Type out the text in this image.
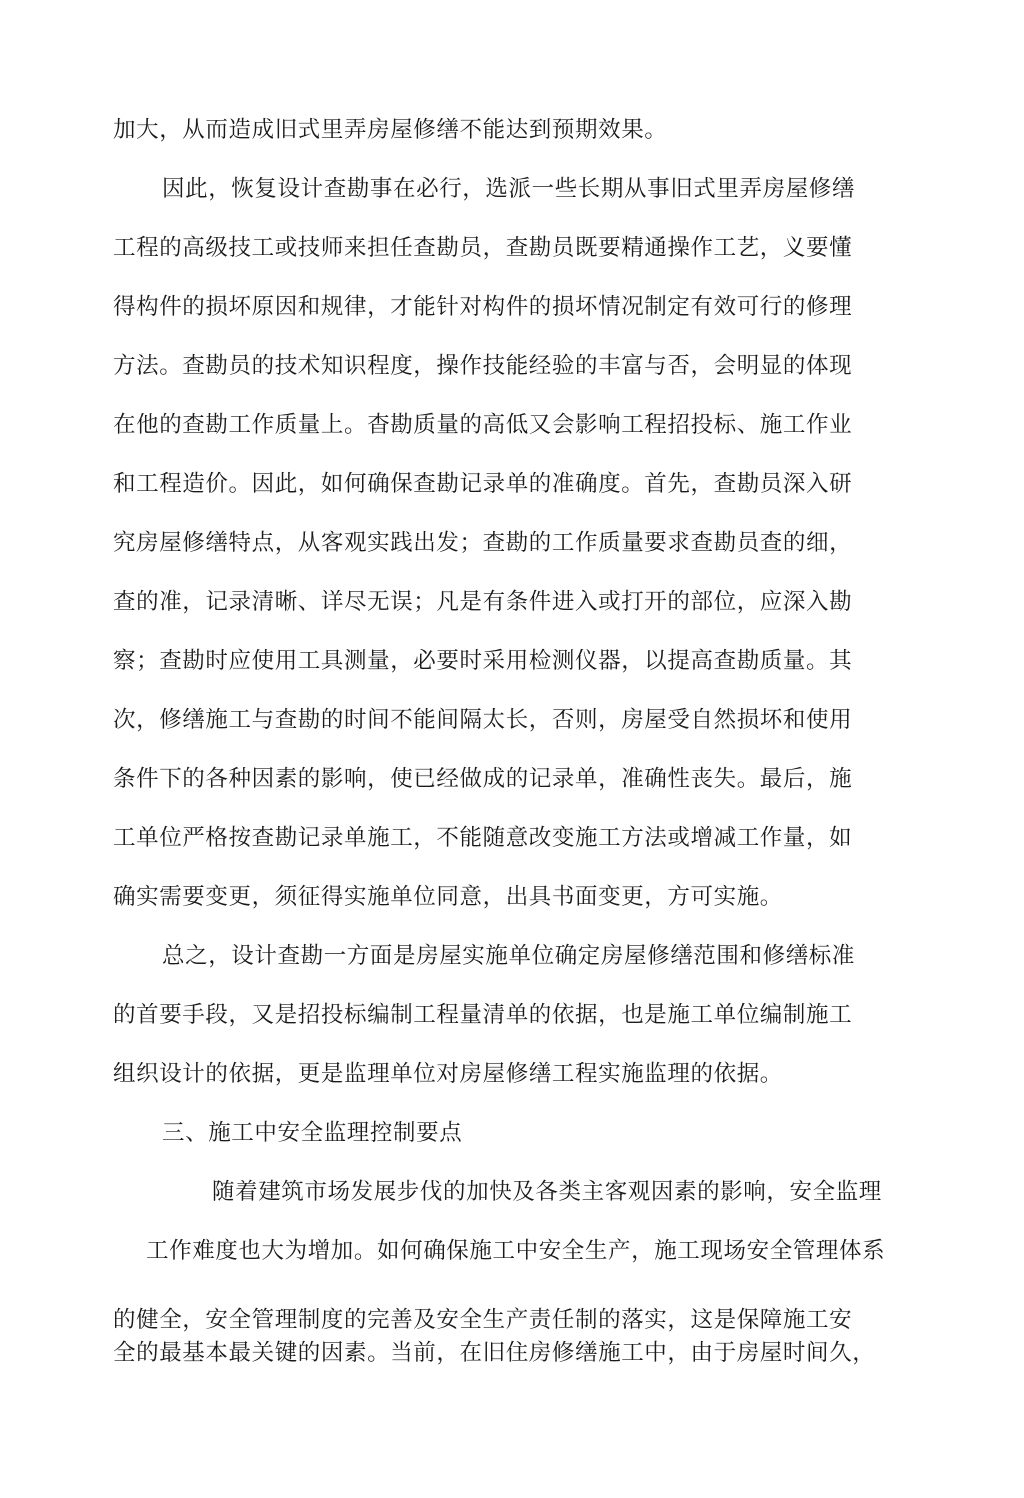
加大，从而造成旧式里弄房屋修缮不能达到预期效果。
因此，恢复设计查勘事在必行，选派一些长期从事旧式里弄房屋修缮
工程的高级技工或技师来担任查勘员，查勘员既要精通操作工艺，义要懂
得构件的损坏原因和规律，才能针对构件的损坏情况制定有效可行的修理
方法。查勘员的技术知识程度，操作技能经验的丰富与否，会明显的体现
在他的查勘工作质量上。杳勘质量的高低又会影响工程招投标、施工作业
和工程造价。因此，如何确保查勘记录单的准确度。首先，查勘员深入研
究房屋修缮特点，从客观实践出发；查勘的工作质量要求查勘员查的细，
查的准，记录清晰、详尽无误；凡是有条件进入或打开的部位，应深入勘
察；查勘时应使用工具测量，必要时采用检测仪器，以提高查勘质量。其
次，修缮施工与查勘的时间不能间隔太长，否则，房屋受自然损坏和使用
条件下的各种因素的影响，使已经做成的记录单，准确性丧失。最后，施
工单位严格按查勘记录单施工，不能随意改变施工方法或增减工作量，如
确实需要变更，须征得实施单位同意，出具书面变更，方可实施。
总之，设计查勘一方面是房屋实施单位确定房屋修缮范围和修缮标准
的首要手段，又是招投标编制工程量清单的依据，也是施工单位编制施工
组织设计的依据，更是监理单位对房屋修缮工程实施监理的依据。
三、施工中安全监理控制要点
随着建筑市场发展步伐的加快及各类主客观因素的影响，安全监理
工作难度也大为增加。如何确保施工中安全生产，施工现场安全管理体系
的健全，安全管理制度的完善及安全生产责任制的落实，这是保障施工安
全的最基本最关键的因素。当前，在旧住房修缮施工中，由于房屋时间久，
